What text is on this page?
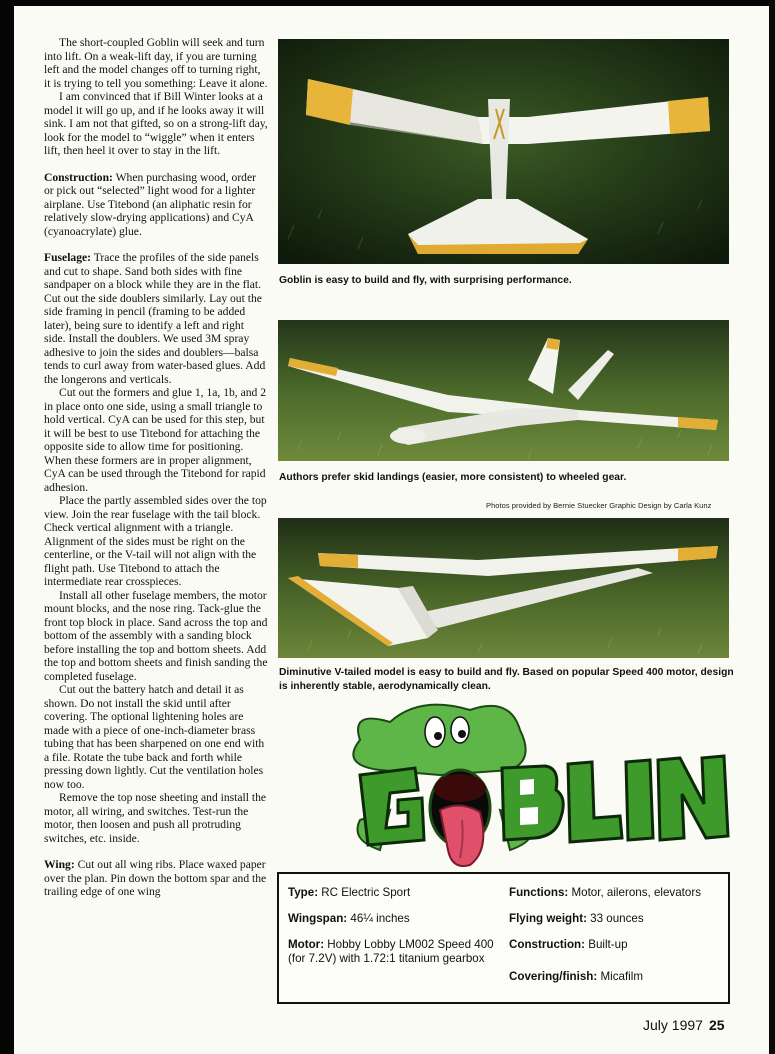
The short-coupled Goblin will seek and turn into lift. On a weak-lift day, if you are turning left and the model changes off to turning right, it is trying to tell you something: Leave it alone.

I am convinced that if Bill Winter looks at a model it will go up, and if he looks away it will sink. I am not that gifted, so on a strong-lift day, look for the model to “wiggle” when it enters lift, then heel it over to stay in the lift.

Construction: When purchasing wood, order or pick out “selected” light wood for a lighter airplane. Use Titebond (an aliphatic resin for relatively slow-drying applications) and CyA (cyanoacrylate) glue.

Fuselage: Trace the profiles of the side panels and cut to shape. Sand both sides with fine sandpaper on a block while they are in the flat. Cut out the side doublers similarly. Lay out the side framing in pencil (framing to be added later), being sure to identify a left and right side. Install the doublers. We used 3M spray adhesive to join the sides and doublers—balsa tends to curl away from water-based glues. Add the longerons and verticals.

Cut out the formers and glue 1, 1a, 1b, and 2 in place onto one side, using a small triangle to hold vertical. CyA can be used for this step, but it will be best to use Titebond for attaching the opposite side to allow time for positioning. When these formers are in proper alignment, CyA can be used through the Titebond for rapid adhesion.

Place the partly assembled sides over the top view. Join the rear fuselage with the tail block. Check vertical alignment with a triangle. Alignment of the sides must be right on the centerline, or the V-tail will not align with the flight path. Use Titebond to attach the intermediate rear crosspieces.

Install all other fuselage members, the motor mount blocks, and the nose ring. Tack-glue the front top block in place. Sand across the top and bottom of the assembly with a sanding block before installing the top and bottom sheets. Add the top and bottom sheets and finish sanding the completed fuselage.

Cut out the battery hatch and detail it as shown. Do not install the skid until after covering. The optional lightening holes are made with a piece of one-inch-diameter brass tubing that has been sharpened on one end with a file. Rotate the tube back and forth while pressing down lightly. Cut the ventilation holes now too.

Remove the top nose sheeting and install the motor, all wiring, and switches. Test-run the motor, then loosen and push all protruding switches, etc. inside.

Wing: Cut out all wing ribs. Place waxed paper over the plan. Pin down the bottom spar and the trailing edge of one wing

Goblin is easy to build and fly, with surprising performance.
Authors prefer skid landings (easier, more consistent) to wheeled gear.
Photos provided by Bernie Stuecker Graphic Design by Carla Kunz
Diminutive V-tailed model is easy to build and fly. Based on popular Speed 400 motor, design is inherently stable, aerodynamically clean.
Type: RC Electric Sport
Wingspan: 46¼ inches
Motor: Hobby Lobby LM002 Speed 400 (for 7.2V) with 1.72:1 titanium gearbox
Functions: Motor, ailerons, elevators
Flying weight: 33 ounces
Construction: Built-up
Covering/finish: Micafilm
July 1997 25
